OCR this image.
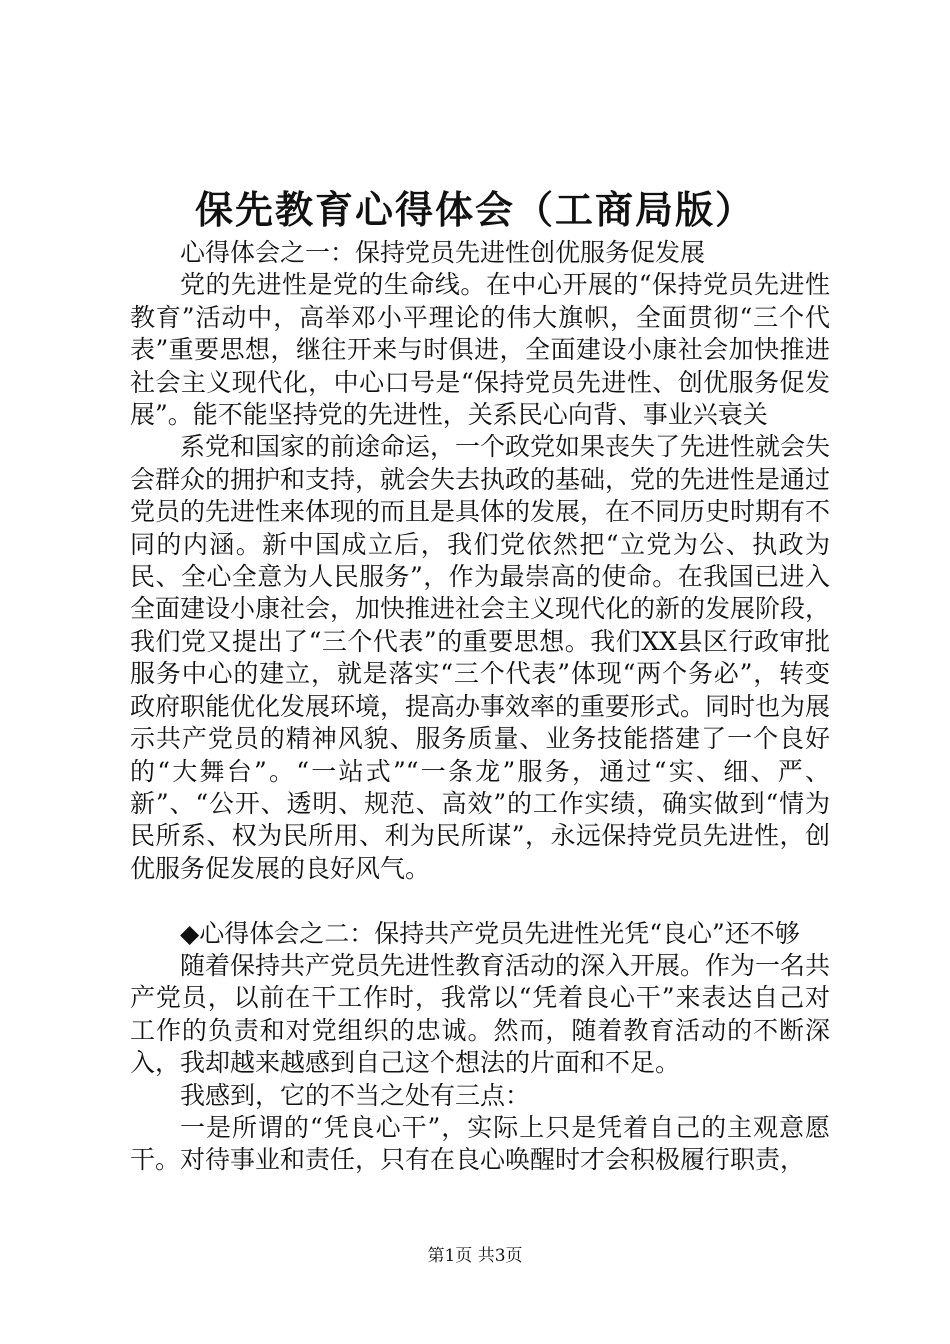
保先教育心得体会（工商局版）

心得体会之一：保持党员先进性创优服务促发展

党的先进性是党的生命线。在中心开展的“保持党员先进性教育”活动中，高举邓小平理论的伟大旗帜，全面贯彻“三个代表”重要思想，继往开来与时俱进，全面建设小康社会加快推进社会主义现代化，中心口号是“保持党员先进性、创优服务促发展”。能不能坚持党的先进性，关系民心向背、事业兴衰关

系党和国家的前途命运，一个政党如果丧失了先进性就会失会群众的拥护和支持，就会失去执政的基础，党的先进性是通过党员的先进性来体现的而且是具体的发展，在不同历史时期有不同的内涵。新中国成立后，我们党依然把“立党为公、执政为民、全心全意为人民服务”，作为最崇高的使命。在我国已进入全面建设小康社会，加快推进社会主义现代化的新的发展阶段，我们党又提出了“三个代表”的重要思想。我们XX县区行政审批服务中心的建立，就是落实“三个代表”体现“两个务必”，转变政府职能优化发展环境，提高办事效率的重要形式。同时也为展示共产党员的精神风貌、服务质量、业务技能搭建了一个良好的“大舞台”。“一站式”“一条龙”服务，通过“实、细、严、新”、“公开、透明、规范、高效”的工作实绩，确实做到“情为民所系、权为民所用、利为民所谋”，永远保持党员先进性，创优服务促发展的良好风气。

◆心得体会之二：保持共产党员先进性光凭“良心”还不够

随着保持共产党员先进性教育活动的深入开展。作为一名共产党员，以前在干工作时，我常以“凭着良心干”来表达自己对工作的负责和对党组织的忠诚。然而，随着教育活动的不断深入，我却越来越感到自己这个想法的片面和不足。

我感到，它的不当之处有三点：

一是所谓的“凭良心干”，实际上只是凭着自己的主观意愿干。对待事业和责任，只有在良心唤醒时才会积极履行职责，

第1页 共3页
